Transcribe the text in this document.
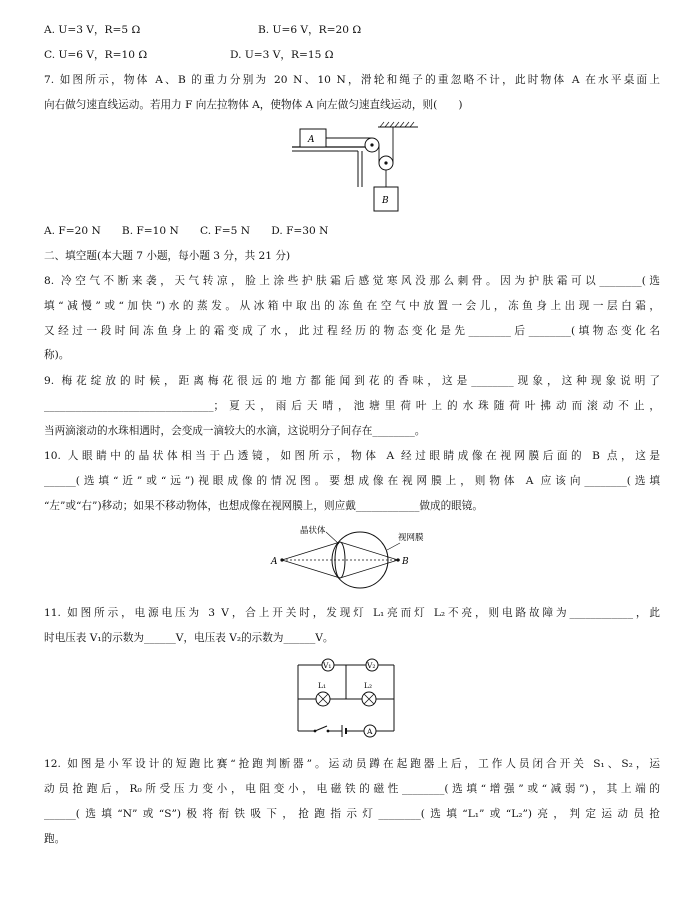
A. U=3 V，R=5 Ω	B. U=6 V，R=20 Ω
C. U=6 V，R=10 Ω	D. U=3 V，R=15 Ω
7. 如图所示，物体 A、B 的重力分别为 20 N、10 N，滑轮和绳子的重忽略不计，此时物体 A 在水平桌面上
向右做匀速直线运动。若用力 F 向左拉物体 A，使物体 A 向左做匀速直线运动，则(　　)
A
B
A. F=20 N　　B. F=10 N　　C. F=5 N　　D. F=30 N
二、填空题(本大题 7 小题，每小题 3 分，共 21 分)
8. 冷空气不断来袭，天气转凉，脸上涂些护肤霜后感觉寒风没那么刺骨。因为护肤霜可以________(选
填“减慢”或“加快”)水的蒸发。从冰箱中取出的冻鱼在空气中放置一会儿，冻鱼身上出现一层白霜，
又经过一段时间冻鱼身上的霜变成了水，此过程经历的物态变化是先________后________(填物态变化名
称)。
9. 梅花绽放的时候，距离梅花很远的地方都能闻到花的香味，这是________现象，这种现象说明了
________________________________；夏天，雨后天晴，池塘里荷叶上的水珠随荷叶拂动而滚动不止，
当两滴滚动的水珠相遇时，会变成一滴较大的水滴，这说明分子间存在________。
10. 人眼睛中的晶状体相当于凸透镜，如图所示，物体 A 经过眼睛成像在视网膜后面的 B 点，这是
______(选填“近”或“远”)视眼成像的情况图。要想成像在视网膜上，则物体 A 应该向________(选填
“左”或“右”)移动；如果不移动物体，也想成像在视网膜上，则应戴____________做成的眼镜。
A	B
晶状体
视网膜
11. 如图所示，电源电压为 3 V，合上开关时，发现灯 L₁亮而灯 L₂不亮，则电路故障为____________，此
时电压表 V₁的示数为______V，电压表 V₂的示数为______V。
V₁	V₂
L₁	L₂
A
12. 如图是小军设计的短跑比赛“抢跑判断器”。运动员蹲在起跑器上后，工作人员闭合开关 S₁、S₂，运
动员抢跑后，R₀所受压力变小，电阻变小，电磁铁的磁性________(选填“增强”或“减弱”)，其上端的
______(选填“N”或“S”)极将衔铁吸下，抢跑指示灯________(选填“L₁”或“L₂”)亮，判定运动员抢
跑。
